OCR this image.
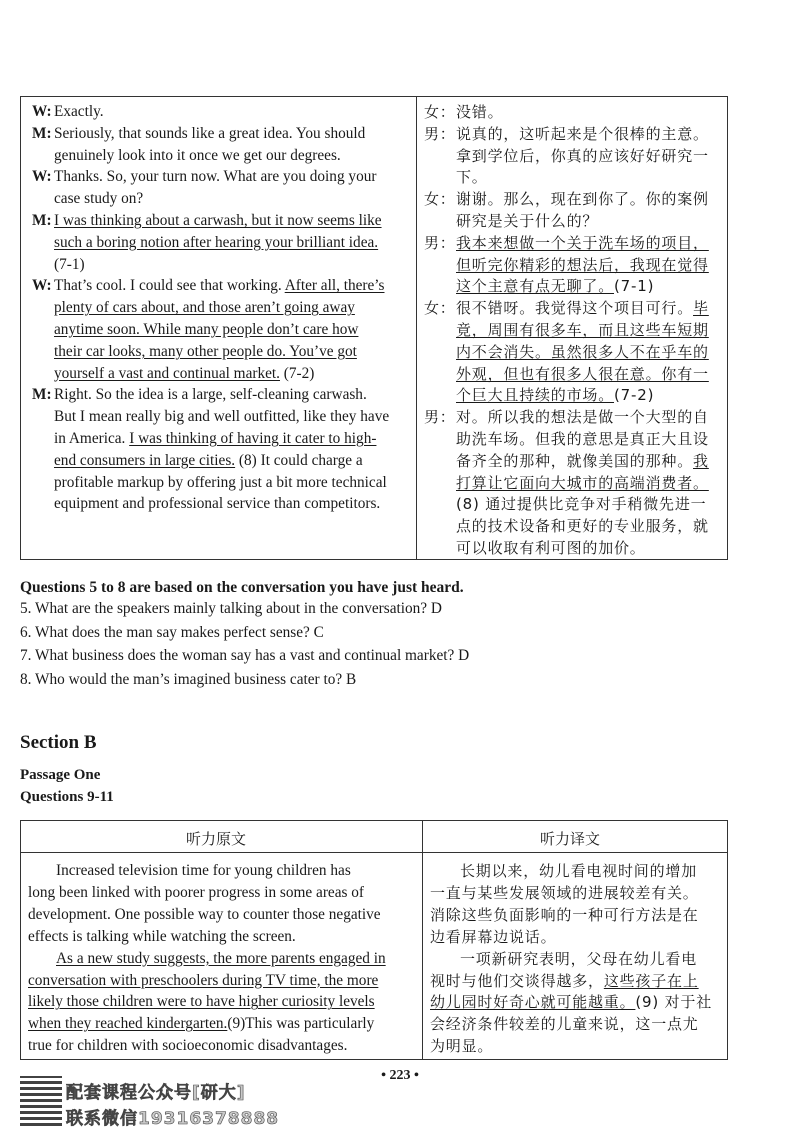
W: Exactly.
M: Seriously, that sounds like a great idea. You should
genuinely look into it once we get our degrees.
W: Thanks. So, your turn now. What are you doing your
case study on?
M: I was thinking about a carwash, but it now seems like
such a boring notion after hearing your brilliant idea.
(7-1)
W: That’s cool. I could see that working. After all, there’s
plenty of cars about, and those aren’t going away
anytime soon. While many people don’t care how
their car looks, many other people do. You’ve got
yourself a vast and continual market. (7-2)
M: Right. So the idea is a large, self-cleaning carwash.
But I mean really big and well outfitted, like they have
in America. I was thinking of having it cater to high-
end consumers in large cities. (8) It could charge a
profitable markup by offering just a bit more technical
equipment and professional service than competitors.
女： 没错。
男： 说真的，这听起来是个很棒的主意。
拿到学位后，你真的应该好好研究一
下。
女： 谢谢。那么，现在到你了。你的案例
研究是关于什么的？
男： 我本来想做一个关于洗车场的项目，
但听完你精彩的想法后，我现在觉得
这个主意有点无聊了。(7-1)
女： 很不错呀。我觉得这个项目可行。毕
竟，周围有很多车，而且这些车短期
内不会消失。虽然很多人不在乎车的
外观，但也有很多人很在意。你有一
个巨大且持续的市场。(7-2)
男： 对。所以我的想法是做一个大型的自
助洗车场。但我的意思是真正大且设
备齐全的那种，就像美国的那种。我
打算让它面向大城市的高端消费者。
(8) 通过提供比竞争对手稍微先进一
点的技术设备和更好的专业服务，就
可以收取有利可图的加价。
Questions 5 to 8 are based on the conversation you have just heard.
5. What are the speakers mainly talking about in the conversation? D
6. What does the man say makes perfect sense? C
7. What business does the woman say has a vast and continual market? D
8. Who would the man’s imagined business cater to? B
Section B
Passage One
Questions 9-11
听力原文	听力译文
Increased television time for young children has
long been linked with poorer progress in some areas of
development. One possible way to counter those negative
effects is talking while watching the screen.
As a new study suggests, the more parents engaged in
conversation with preschoolers during TV time, the more
likely those children were to have higher curiosity levels
when they reached kindergarten.(9)This was particularly
true for children with socioeconomic disadvantages.
长期以来，幼儿看电视时间的增加
一直与某些发展领域的进展较差有关。
消除这些负面影响的一种可行方法是在
边看屏幕边说话。
一项新研究表明，父母在幼儿看电
视时与他们交谈得越多，这些孩子在上
幼儿园时好奇心就可能越重。(9) 对于社
会经济条件较差的儿童来说，这一点尤
为明显。
• 223 •
配套课程公众号[研大]
联系微信19316378888
